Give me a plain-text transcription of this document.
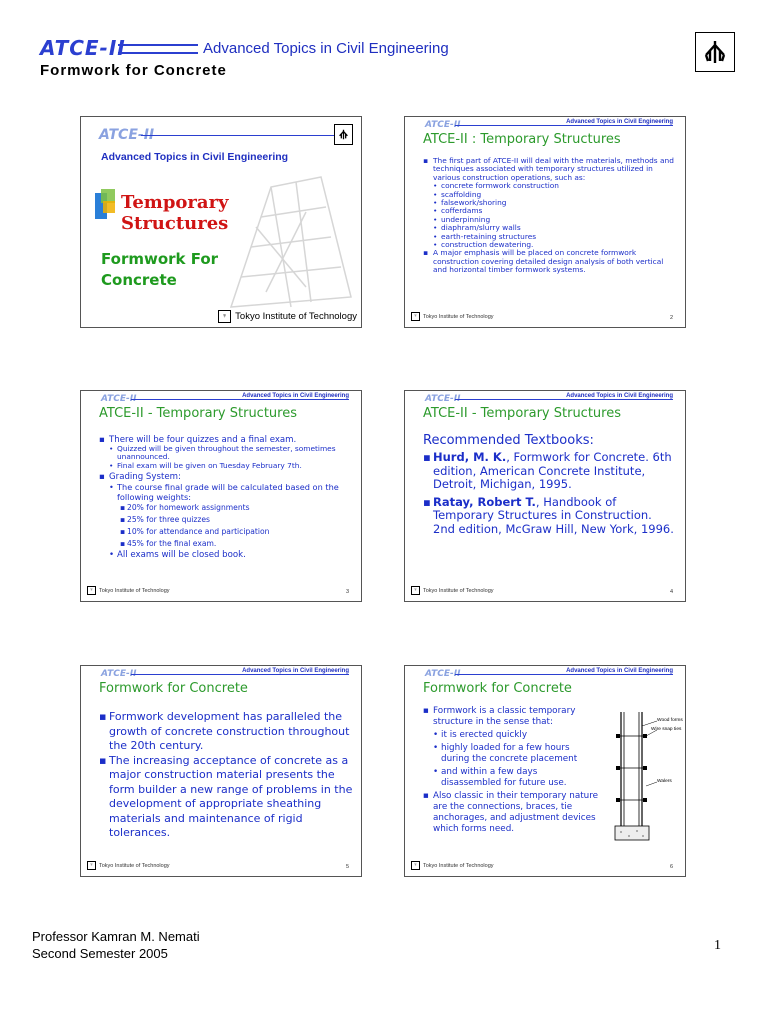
ATCE-II	Advanced Topics in Civil Engineering
Formwork for Concrete
ATCE-II
Advanced Topics in Civil Engineering
Temporary
Structures
Formwork For
Concrete
♆ Tokyo Institute of Technology
ATCE-II	Advanced Topics in Civil Engineering
ATCE-II : Temporary Structures
▪ The first part of ATCE-II will deal with the materials, methods and techniques associated with temporary structures utilized in various construction operations, such as:
• concrete formwork construction
• scaffolding
• falsework/shoring
• cofferdams
• underpinning
• diaphram/slurry walls
• earth-retaining structures
• construction dewatering.
▪ A major emphasis will be placed on concrete formwork construction covering detailed design analysis of both vertical and horizontal timber formwork systems.
♆	Tokyo Institute of Technology	2
ATCE-II	Advanced Topics in Civil Engineering
ATCE-II - Temporary Structures
▪ There will be four quizzes and a final exam.
• Quizzed will be given throughout the semester, sometimes unannounced.
• Final exam will be given on Tuesday February 7th.
▪ Grading System:
• The course final grade will be calculated based on the following weights:
▪ 20% for homework assignments
▪ 25% for three quizzes
▪ 10% for attendance and participation
▪ 45% for the final exam.
• All exams will be closed book.
♆	Tokyo Institute of Technology	3
ATCE-II	Advanced Topics in Civil Engineering
ATCE-II - Temporary Structures
Recommended Textbooks:
▪ Hurd, M. K., Formwork for Concrete. 6th edition, American Concrete Institute, Detroit, Michigan, 1995.
▪ Ratay, Robert T., Handbook of Temporary Structures in Construction. 2nd edition, McGraw Hill, New York, 1996.
♆	Tokyo Institute of Technology	4
ATCE-II	Advanced Topics in Civil Engineering
Formwork for Concrete
▪ Formwork development has paralleled the growth of concrete construction throughout the 20th century.
▪ The increasing acceptance of concrete as a major construction material presents the form builder a new range of problems in the development of appropriate sheathing materials and maintenance of rigid tolerances.
♆	Tokyo Institute of Technology	5
ATCE-II	Advanced Topics in Civil Engineering
Formwork for Concrete
▪ Formwork is a classic temporary structure in the sense that:
• it is erected quickly
• highly loaded for a few hours during the concrete placement
• and within a few days disassembled for future use.
▪ Also classic in their temporary nature are the connections, braces, tie anchorages, and adjustment devices which forms need.
Wood forms
Wire snap ties
Walers
♆	Tokyo Institute of Technology	6
Professor Kamran M. Nemati
Second Semester 2005
1
